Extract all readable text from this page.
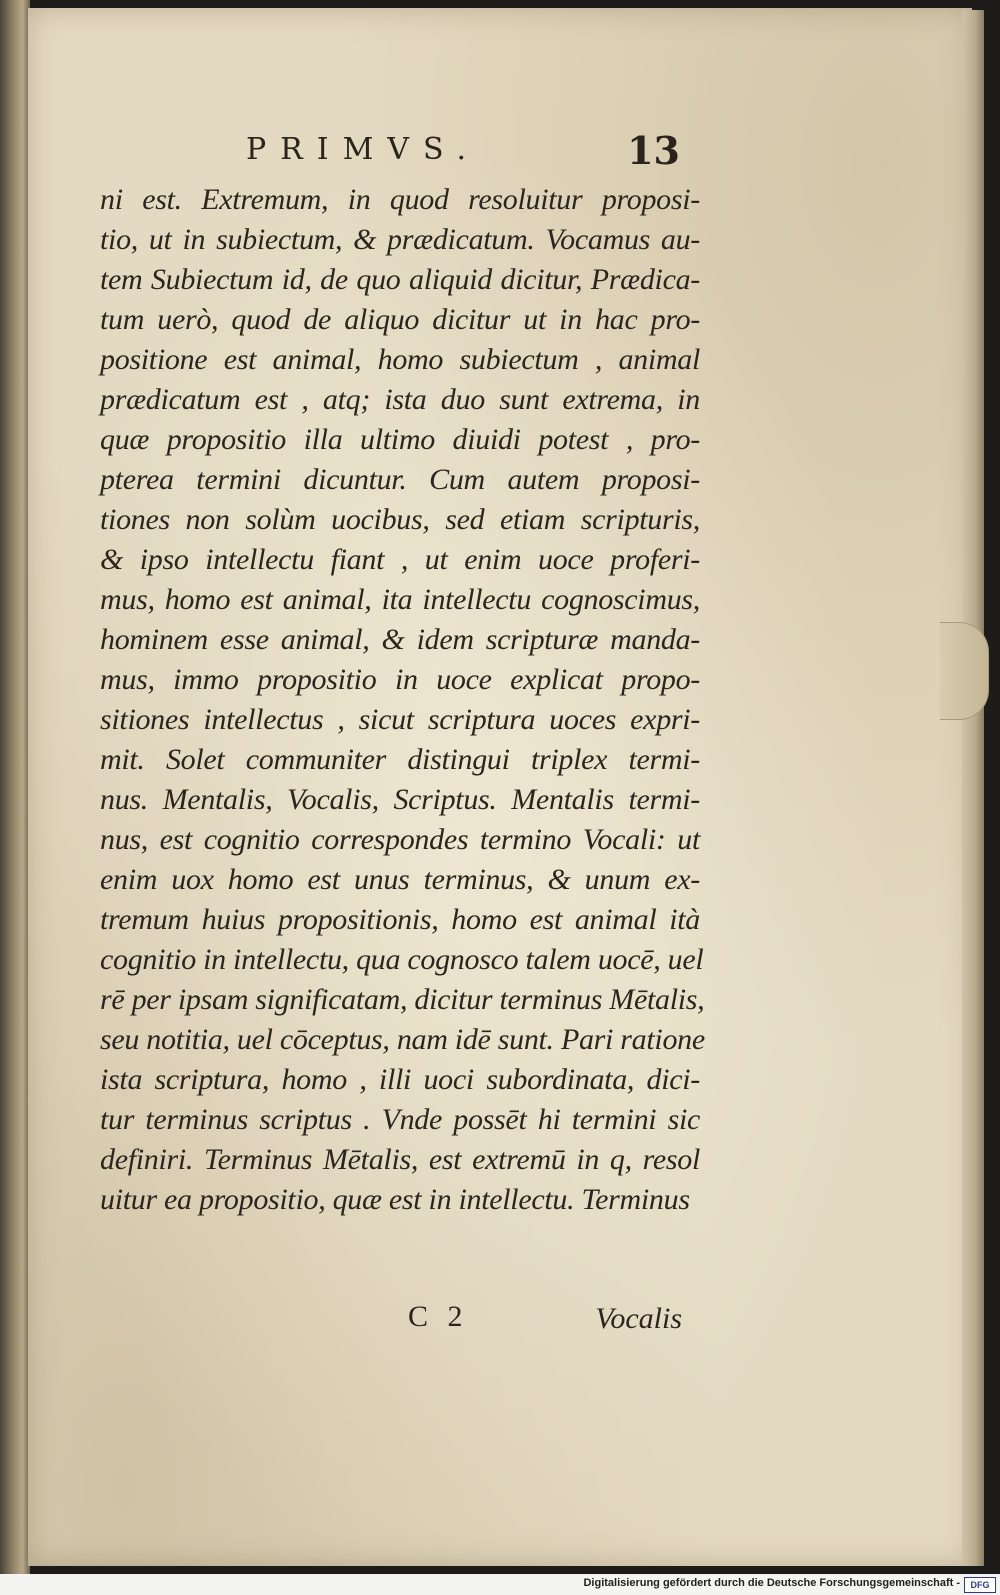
PRIMVS.	13
ni est. Extremum, in quod resoluitur proposi-
tio, ut in subiectum, & prædicatum. Vocamus au-
tem Subiectum id, de quo aliquid dicitur, Prædica-
tum uerò, quod de aliquo dicitur ut in hac pro-
positione est animal, homo subiectum , animal
prædicatum est , atq; ista duo sunt extrema, in
quæ propositio illa ultimo diuidi potest , pro-
pterea termini dicuntur. Cum autem proposi-
tiones non solùm uocibus, sed etiam scripturis,
& ipso intellectu fiant , ut enim uoce proferi-
mus, homo est animal, ita intellectu cognoscimus,
hominem esse animal, & idem scripturæ manda-
mus, immo propositio in uoce explicat propo-
sitiones intellectus , sicut scriptura uoces expri-
mit. Solet communiter distingui triplex termi-
nus. Mentalis, Vocalis, Scriptus. Mentalis termi-
nus, est cognitio correspondes termino Vocali: ut
enim uox homo est unus terminus, & unum ex-
tremum huius propositionis, homo est animal ità
cognitio in intellectu, qua cognosco talem uocē, uel
rē per ipsam significatam, dicitur terminus Mētalis,
seu notitia, uel cōceptus, nam idē sunt. Pari ratione
ista scriptura, homo , illi uoci subordinata, dici-
tur terminus scriptus . Vnde possēt hi termini sic
definiri. Terminus Mētalis, est extremū in q, resol
uitur ea propositio, quæ est in intellectu. Terminus
C 2	Vocalis
Digitalisierung gefördert durch die Deutsche Forschungsgemeinschaft -	DFG
